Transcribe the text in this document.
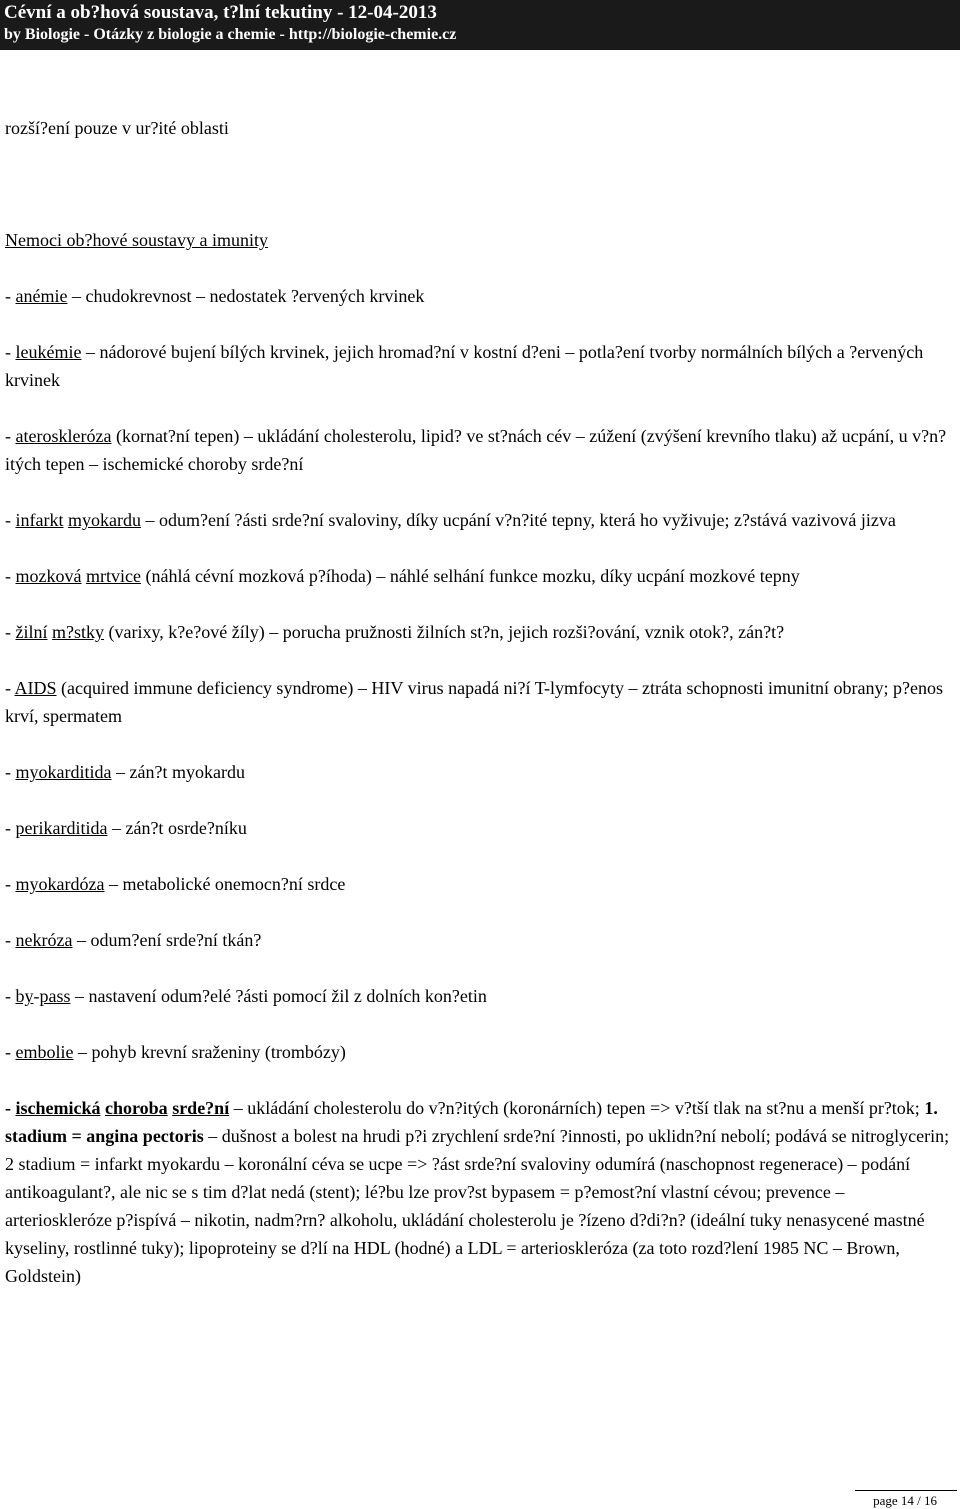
Cévní a ob?hová soustava, t?lní tekutiny - 12-04-2013
by Biologie - Otázky z biologie a chemie - http://biologie-chemie.cz

rozší?ení pouze v ur?ité oblasti

Nemoci ob?hové soustavy a imunity

- anémie – chudokrevnost – nedostatek ?ervených krvinek

- leukémie – nádorové bujení bílých krvinek, jejich hromad?ní v kostní d?eni – potla?ení tvorby normálních bílých a ?ervených krvinek

- ateroskleróza (kornat?ní tepen) – ukládání cholesterolu, lipid? ve st?nách cév – zúžení (zvýšení krevního tlaku) až ucpání, u v?n?itých tepen – ischemické choroby srde?ní

- infarkt myokardu – odum?ení ?ásti srde?ní svaloviny, díky ucpání v?n?ité tepny, která ho vyživuje; z?stává vazivová jizva

- mozková mrtvice (náhlá cévní mozková p?íhoda) – náhlé selhání funkce mozku, díky ucpání mozkové tepny

- žilní m?stky (varixy, k?e?ové žíly) – porucha pružnosti žilních st?n, jejich rozši?ování, vznik otok?, zán?t?

- AIDS (acquired immune deficiency syndrome) – HIV virus napadá ni?í T-lymfocyty – ztráta schopnosti imunitní obrany; p?enos krví, spermatem

- myokarditida – zán?t myokardu

- perikarditida – zán?t osrde?níku

- myokardóza – metabolické onemocn?ní srdce

- nekróza – odum?ení srde?ní tkán?

- by-pass – nastavení odum?elé ?ásti pomocí žil z dolních kon?etin

- embolie – pohyb krevní sraženiny (trombózy)

- ischemická choroba srde?ní – ukládání cholesterolu do v?n?itých (koronárních) tepen => v?tší tlak na st?nu a menší pr?tok; 1. stadium = angina pectoris – dušnost a bolest na hrudi p?i zrychlení srde?ní ?innosti, po uklidn?ní nebolí; podává se nitroglycerin; 2 stadium = infarkt myokardu – koronální céva se ucpe => ?ást srde?ní svaloviny odumírá (naschopnost regenerace) – podání antikoagulant?, ale nic se s tim d?lat nedá (stent); lé?bu lze prov?st bypasem = p?emost?ní vlastní cévou; prevence – arterioskleróze p?ispívá – nikotin, nadm?rn? alkoholu, ukládání cholesterolu je ?ízeno d?di?n? (ideální tuky nenasycené mastné kyseliny, rostlinné tuky); lipoproteiny se d?lí na HDL (hodné) a LDL = arterioskleróza (za toto rozd?lení 1985 NC – Brown, Goldstein)

page 14 / 16
